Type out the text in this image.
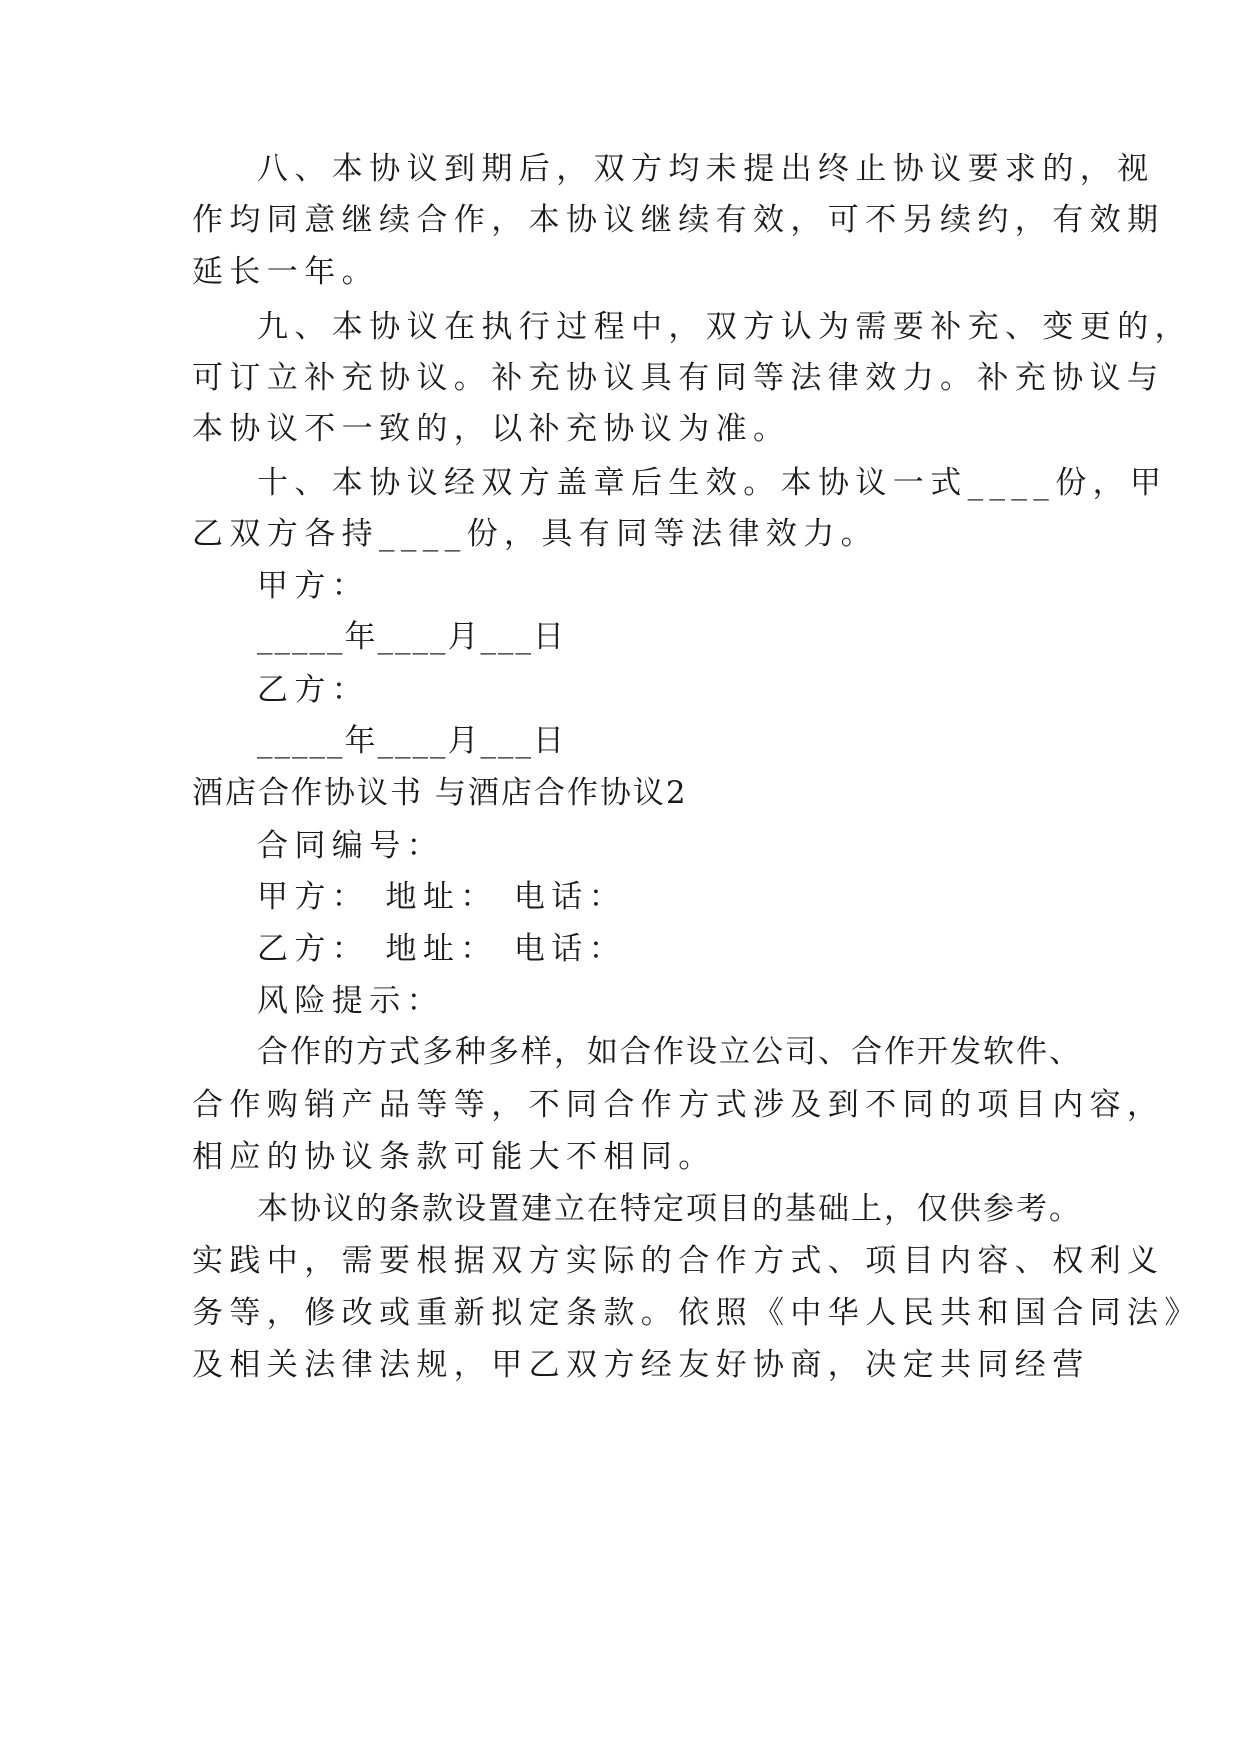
八、本协议到期后，双方均未提出终止协议要求的，视
作均同意继续合作，本协议继续有效，可不另续约，有效期
延长一年。
九、本协议在执行过程中，双方认为需要补充、变更的，
可订立补充协议。补充协议具有同等法律效力。补充协议与
本协议不一致的，以补充协议为准。
十、本协议经双方盖章后生效。本协议一式____份，甲
乙双方各持____份，具有同等法律效力。
甲方：
_____年____月___日
乙方：
_____年____月___日
酒店合作协议书 与酒店合作协议2
合同编号：
甲方： 地址： 电话：
乙方： 地址： 电话：
风险提示：
合作的方式多种多样，如合作设立公司、合作开发软件、
合作购销产品等等，不同合作方式涉及到不同的项目内容，
相应的协议条款可能大不相同。
本协议的条款设置建立在特定项目的基础上，仅供参考。
实践中，需要根据双方实际的合作方式、项目内容、权利义
务等，修改或重新拟定条款。依照《中华人民共和国合同法》
及相关法律法规，甲乙双方经友好协商，决定共同经营
